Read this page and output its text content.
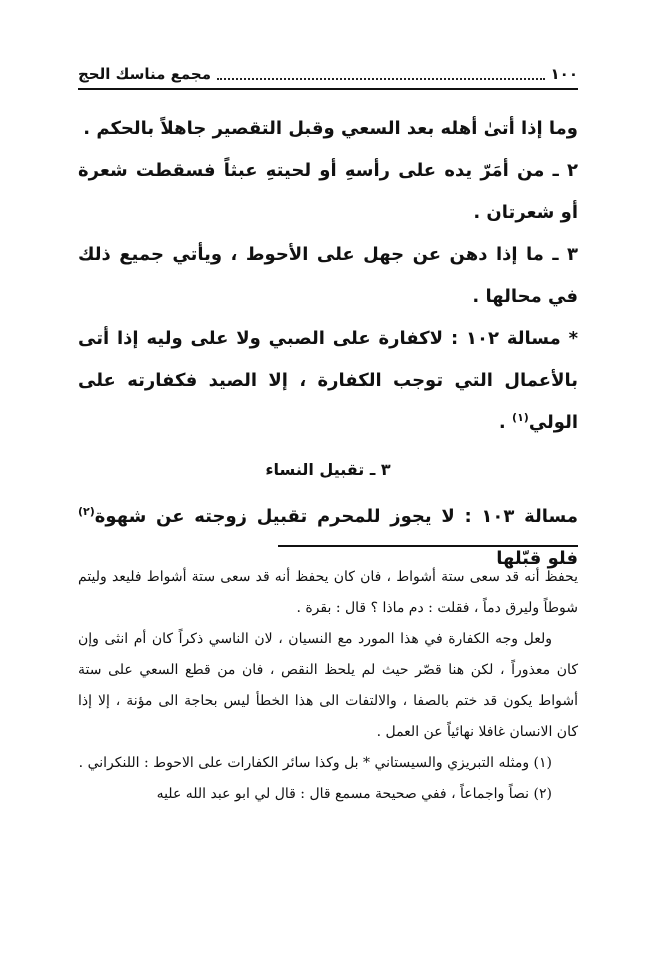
١٠٠
مجمع مناسك الحج

وما إذا أتىٰ أهله بعد السعي وقبل التقصير جاهلاً بالحكم .

٢ ـ من أمَرّ يده على رأسهِ أو لحيتهِ عبثاً فسقطت شعرة أو شعرتان .

٣ ـ ما إذا دهن عن جهل على الأحوط ، ويأتي جميع ذلك في محالها .

* مسالة ١٠٢ : لاكفارة على الصبي ولا على وليه إذا أتى بالأعمال التي توجب الكفارة ، إلا الصيد فكفارته على الولي$^{(١)}$ .

٣ ـ تقبيل النساء

مسالة ١٠٣ : لا يجوز للمحرم تقبيل زوجته عن شهوة$^{(٢)}$ فلو قبّلها

يحفظ أنه قد سعى ستة أشواط ، فان كان يحفظ أنه قد سعى ستة أشواط فليعد وليتم شوطاً وليرق دماً ، فقلت : دم ماذا ؟ قال : بقرة .

ولعل وجه الكفارة في هذا المورد مع النسيان ، لان الناسي ذكراً كان أم انثى وإن كان معذوراً ، لكن هنا قصّر حيث لم يلحظ النقص ، فان من قطع السعي على ستة أشواط يكون قد ختم بالصفا ، والالتفات الى هذا الخطأ ليس بحاجة الى مؤنة ، إلا إذا كان الانسان غافلا نهائياً عن العمل .

(١) ومثله التبريزي والسيستاني * بل وكذا سائر الكفارات على الاحوط : اللنكراني .

(٢) نصاً واجماعاً ، ففي صحيحة مسمع قال : قال لي ابو عبد الله عليه
